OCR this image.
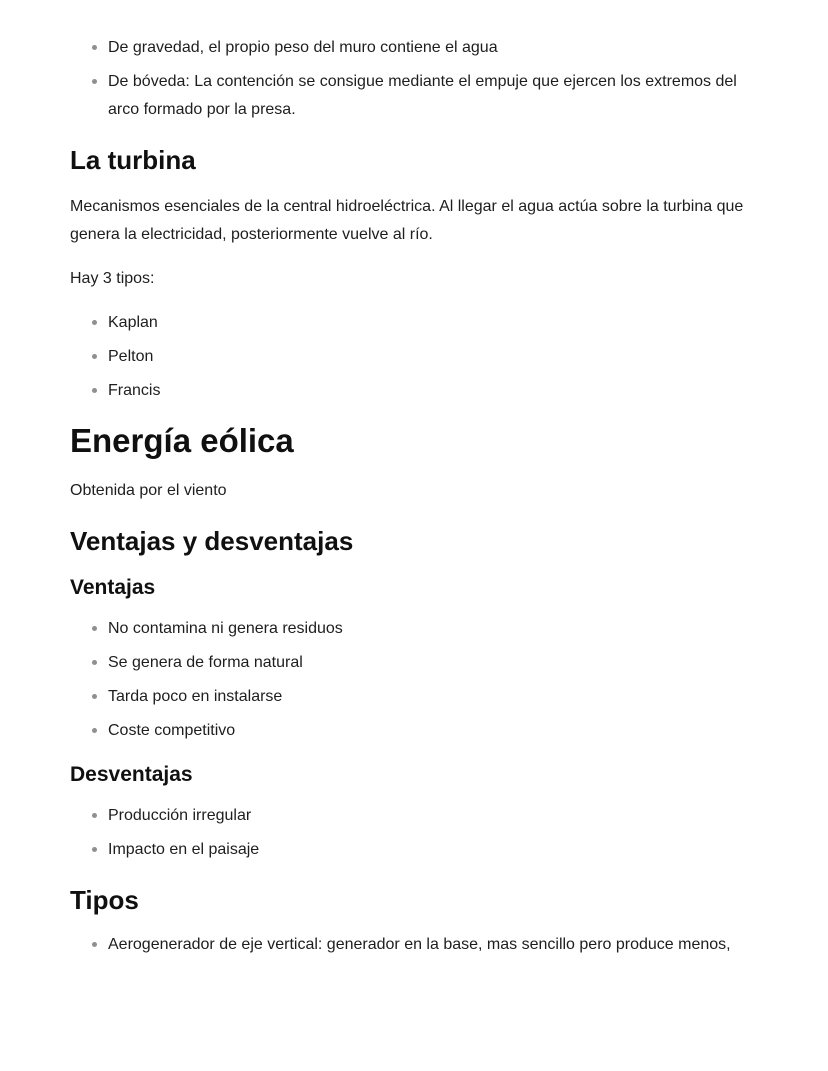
De gravedad, el propio peso del muro contiene el agua
De bóveda: La contención se consigue mediante el empuje que ejercen los extremos del arco formado por la presa.
La turbina

Mecanismos esenciales de la central hidroeléctrica. Al llegar el agua actúa sobre la turbina que genera la electricidad, posteriormente vuelve al río.

Hay 3 tipos:

Kaplan
Pelton
Francis
Energía eólica

Obtenida por el viento

Ventajas y desventajas
Ventajas
No contamina ni genera residuos
Se genera de forma natural
Tarda poco en instalarse
Coste competitivo
Desventajas
Producción irregular
Impacto en el paisaje
Tipos
Aerogenerador de eje vertical: generador en la base, mas sencillo pero produce menos,
